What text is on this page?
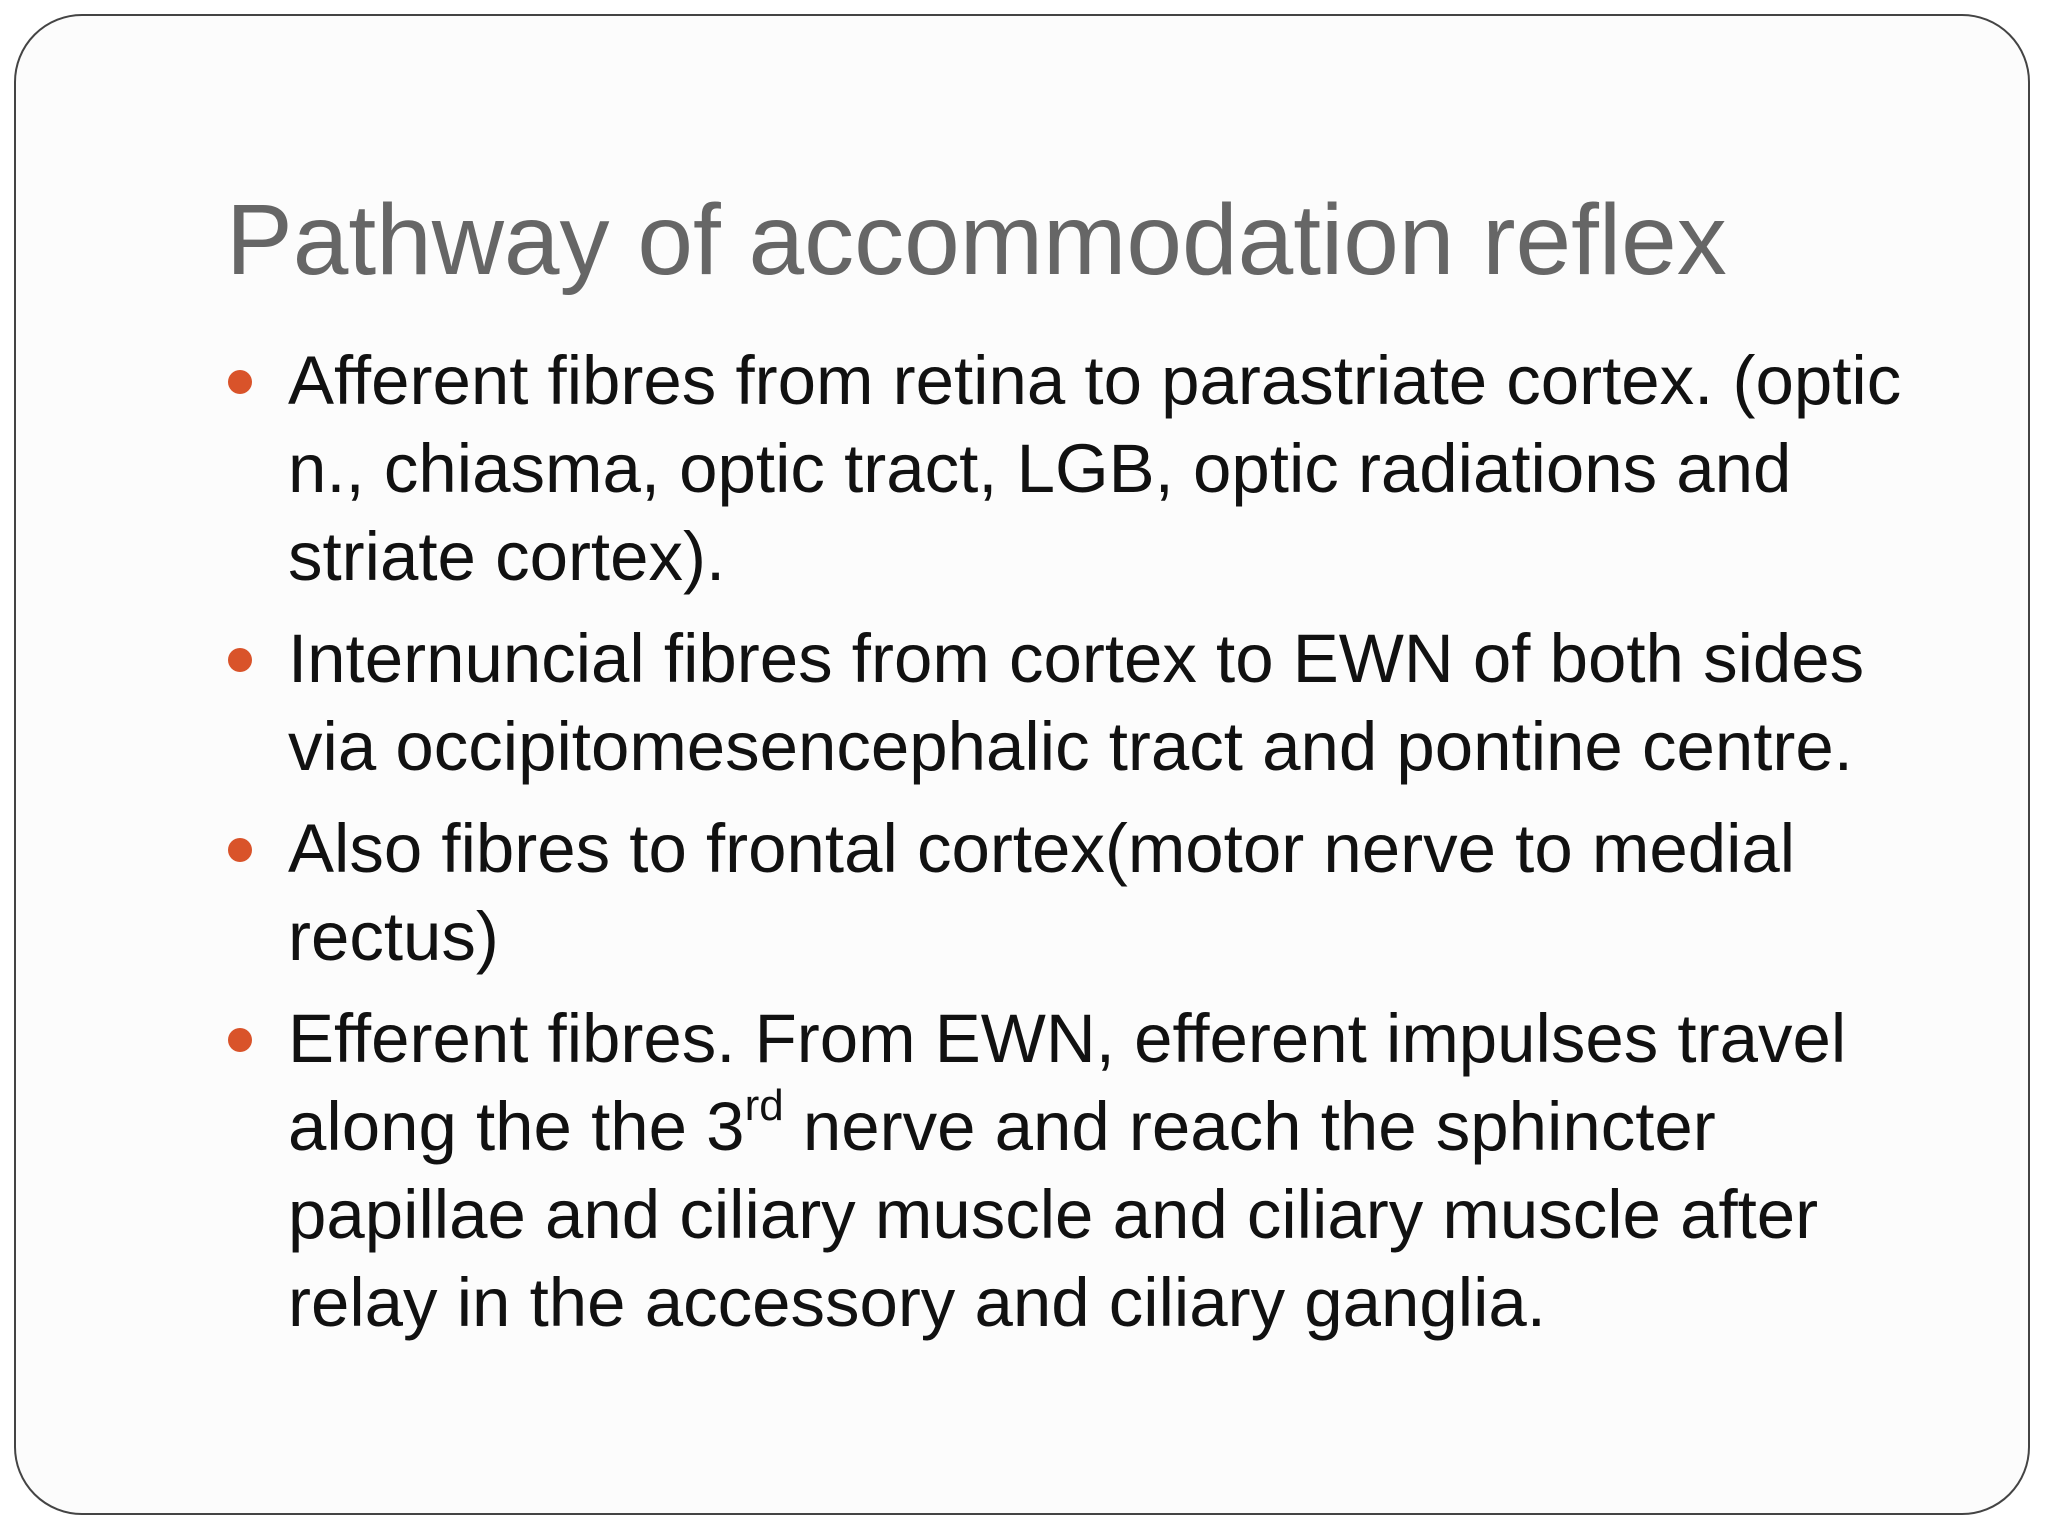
Pathway of accommodation reflex
Afferent fibres from retina to parastriate cortex. (optic n., chiasma, optic tract, LGB, optic radiations and striate cortex).
Internuncial fibres from cortex to EWN of both sides via occipitomesencephalic tract and pontine centre.
Also fibres to frontal cortex(motor nerve to medial rectus)
Efferent fibres. From EWN, efferent impulses travel along the the 3rd nerve and reach the sphincter papillae and ciliary muscle and ciliary muscle after relay in the accessory and ciliary ganglia.
